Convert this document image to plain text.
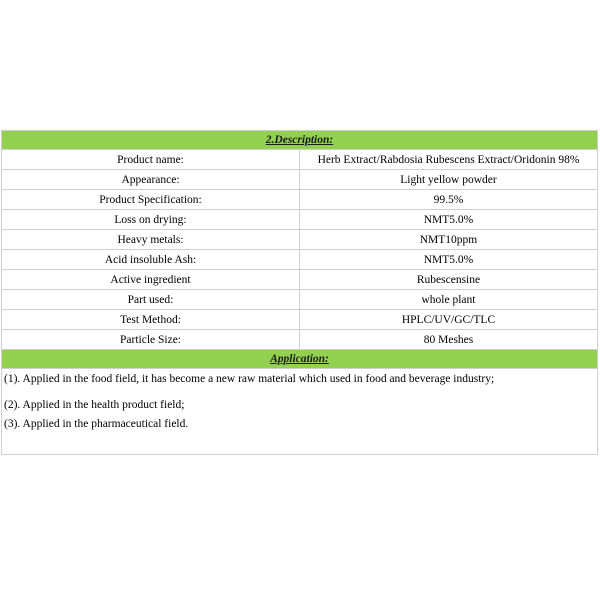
2.Description:	
Product name:	Herb Extract/Rabdosia Rubescens Extract/Oridonin 98%
Appearance:	Light yellow powder
Product Specification:	99.5%
Loss on drying:	NMT5.0%
Heavy metals:	NMT10ppm
Acid insoluble Ash:	NMT5.0%
Active ingredient	Rubescensine
Part used:	whole plant
Test Method:	HPLC/UV/GC/TLC
Particle Size:	80 Meshes
Application:	
(1). Applied in the food field, it has become a new raw material which used in food and beverage industry;
(2). Applied in the health product field;
(3). Applied in the pharmaceutical field.
